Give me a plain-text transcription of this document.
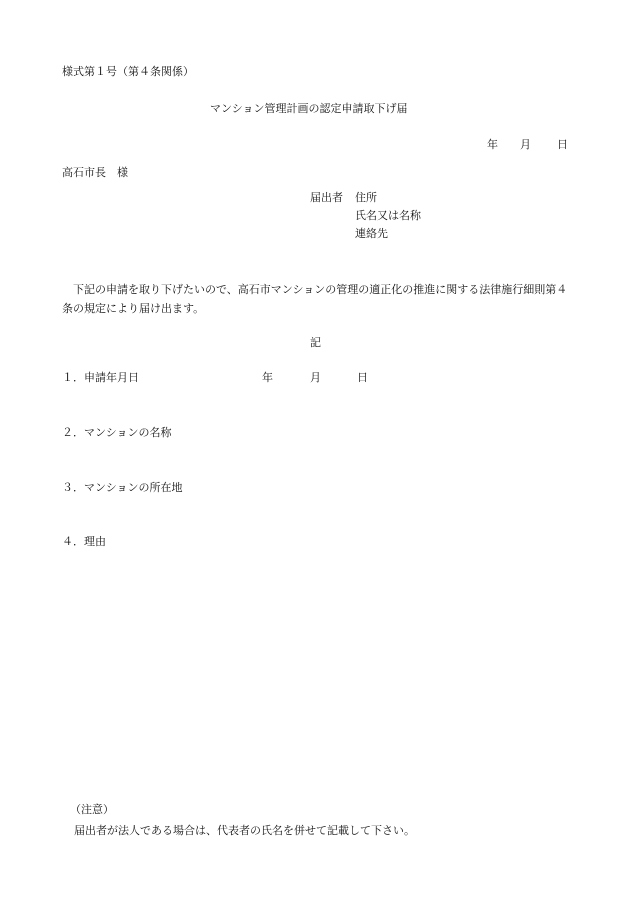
様式第１号（第４条関係）
マンション管理計画の認定申請取下げ届
年 月 日
高石市長　様
届出者 住所
氏名又は名称
連絡先
下記の申請を取り下げたいので、高石市マンションの管理の適正化の推進に関する法律施行細則第４条の規定により届け出ます。
記
１．申請年月日	年	月	日
２．マンションの名称
３．マンションの所在地
４．理由
（注意）
届出者が法人である場合は、代表者の氏名を併せて記載して下さい。
